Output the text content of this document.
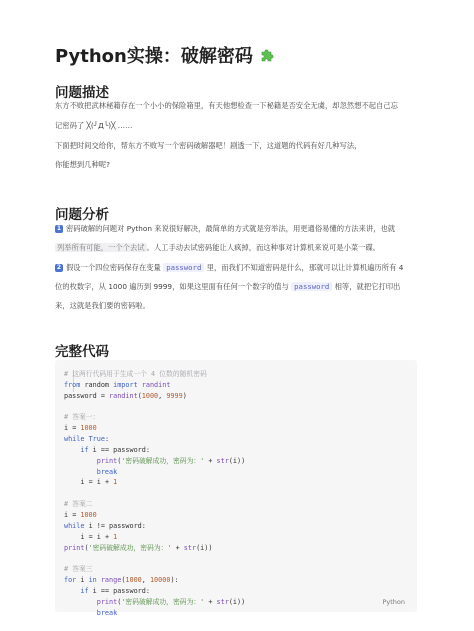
Python实操：破解密码
问题描述
东方不败把武林秘籍存在一个小小的保险箱里，有天他想检查一下秘籍是否安全无虞，却忽然想不起自己忘
记密码了 ╳(╯Д╰)╳ ……
下面把时间交给你，帮东方不败写一个密码破解器吧！剧透一下，这道题的代码有好几种写法，
你能想到几种呢?
问题分析
1 密码破解的问题对 Python 来说很好解决，最简单的方式就是穷举法，用更通俗易懂的方法来讲，也就
列举所有可能，一个个去试 。人工手动去试密码能让人疯掉，而这种事对计算机来说可是小菜一碟。
2 假设一个四位密码保存在变量 password 里，而我们不知道密码是什么，那就可以让计算机遍历所有 4
位的枚数字，从 1000 遍历到 9999，如果这里面有任何一个数字的值与 password 相等，就把它打印出
来，这就是我们要的密码啦。
完整代码
# 这两行代码用于生成一个 4 位数的随机密码
from random import randint
password = randint(1000, 9999)

# 答案一：
i = 1000
while True:
if i == password:
print('密码破解成功，密码为：' + str(i))
break
i = i + 1

# 答案二
i = 1000
while i != password:
i = i + 1
print('密码破解成功，密码为：' + str(i))

# 答案三
for i in range(1000, 10000):
if i == password:
print('密码破解成功，密码为：' + str(i))
break
Python
